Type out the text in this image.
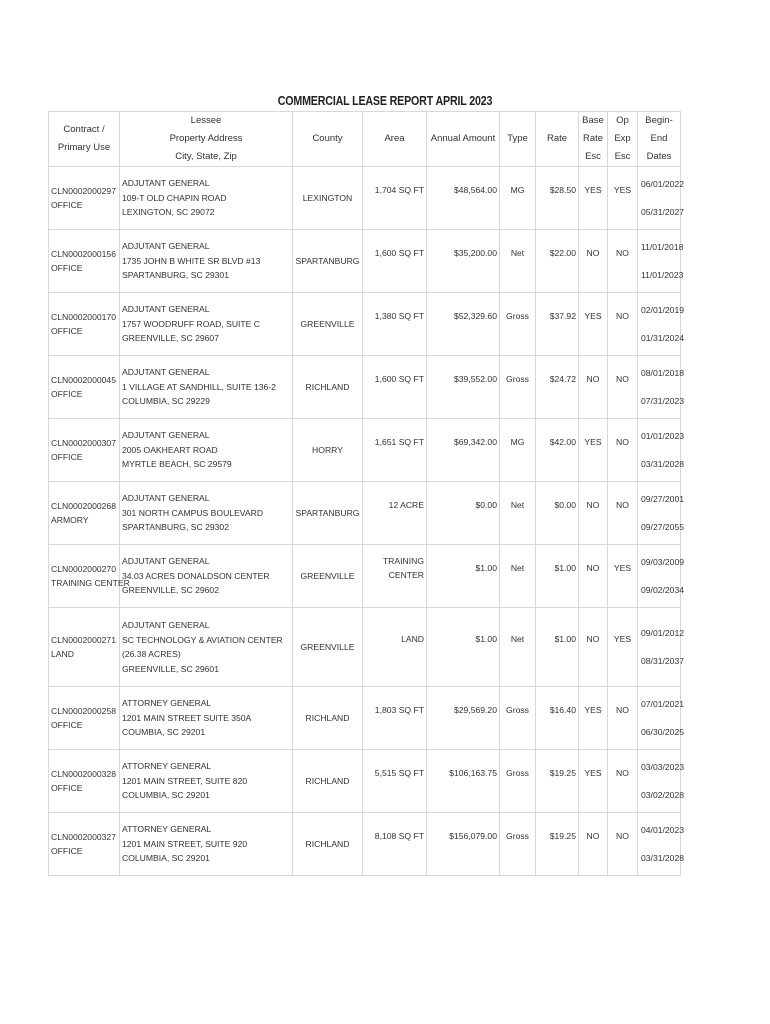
COMMERCIAL LEASE REPORT APRIL 2023
Contract /
Primary Use	Lessee
Property Address
City, State, Zip	County	Area	Annual Amount	Type	Rate	Base
Rate
Esc	Op
Exp
Esc	Begin-End
Dates

CLN0002000297
OFFICE	ADJUTANT GENERAL
109-T OLD CHAPIN ROAD
LEXINGTON, SC 29072	LEXINGTON	1,704 SQ FT	$48,564.00	MG	$28.50	YES	YES	06/01/2022
05/31/2027

CLN0002000156
OFFICE	ADJUTANT GENERAL
1735 JOHN B WHITE SR BLVD #13
SPARTANBURG, SC 29301	SPARTANBURG	1,600 SQ FT	$35,200.00	Net	$22.00	NO	NO	11/01/2018
11/01/2023

CLN0002000170
OFFICE	ADJUTANT GENERAL
1757 WOODRUFF ROAD, SUITE C
GREENVILLE, SC 29607	GREENVILLE	1,380 SQ FT	$52,329.60	Gross	$37.92	YES	NO	02/01/2019
01/31/2024

CLN0002000045
OFFICE	ADJUTANT GENERAL
1 VILLAGE AT SANDHILL, SUITE 136-2
COLUMBIA, SC 29229	RICHLAND	1,600 SQ FT	$39,552.00	Gross	$24.72	NO	NO	08/01/2018
07/31/2023

CLN0002000307
OFFICE	ADJUTANT GENERAL
2005 OAKHEART ROAD
MYRTLE BEACH, SC 29579	HORRY	1,651 SQ FT	$69,342.00	MG	$42.00	YES	NO	01/01/2023
03/31/2028

CLN0002000268
ARMORY	ADJUTANT GENERAL
301 NORTH CAMPUS BOULEVARD
SPARTANBURG, SC 29302	SPARTANBURG	12 ACRE	$0.00	Net	$0.00	NO	NO	09/27/2001
09/27/2055

CLN0002000270
TRAINING CENTER	ADJUTANT GENERAL
34.03 ACRES DONALDSON CENTER
GREENVILLE, SC 29602	GREENVILLE	TRAINING CENTER	$1.00	Net	$1.00	NO	YES	09/03/2009
09/02/2034

CLN0002000271
LAND	ADJUTANT GENERAL
SC TECHNOLOGY & AVIATION CENTER (26.38 ACRES)
GREENVILLE, SC 29601	GREENVILLE	LAND	$1.00	Net	$1.00	NO	YES	09/01/2012
08/31/2037

CLN0002000258
OFFICE	ATTORNEY GENERAL
1201 MAIN STREET SUITE 350A
COUMBIA, SC 29201	RICHLAND	1,803 SQ FT	$29,569.20	Gross	$16.40	YES	NO	07/01/2021
06/30/2025

CLN0002000328
OFFICE	ATTORNEY GENERAL
1201 MAIN STREET, SUITE 820
COLUMBIA, SC 29201	RICHLAND	5,515 SQ FT	$106,163.75	Gross	$19.25	YES	NO	03/03/2023
03/02/2028

CLN0002000327
OFFICE	ATTORNEY GENERAL
1201 MAIN STREET, SUITE 920
COLUMBIA, SC 29201	RICHLAND	8,108 SQ FT	$156,079.00	Gross	$19.25	NO	NO	04/01/2023
03/31/2028
